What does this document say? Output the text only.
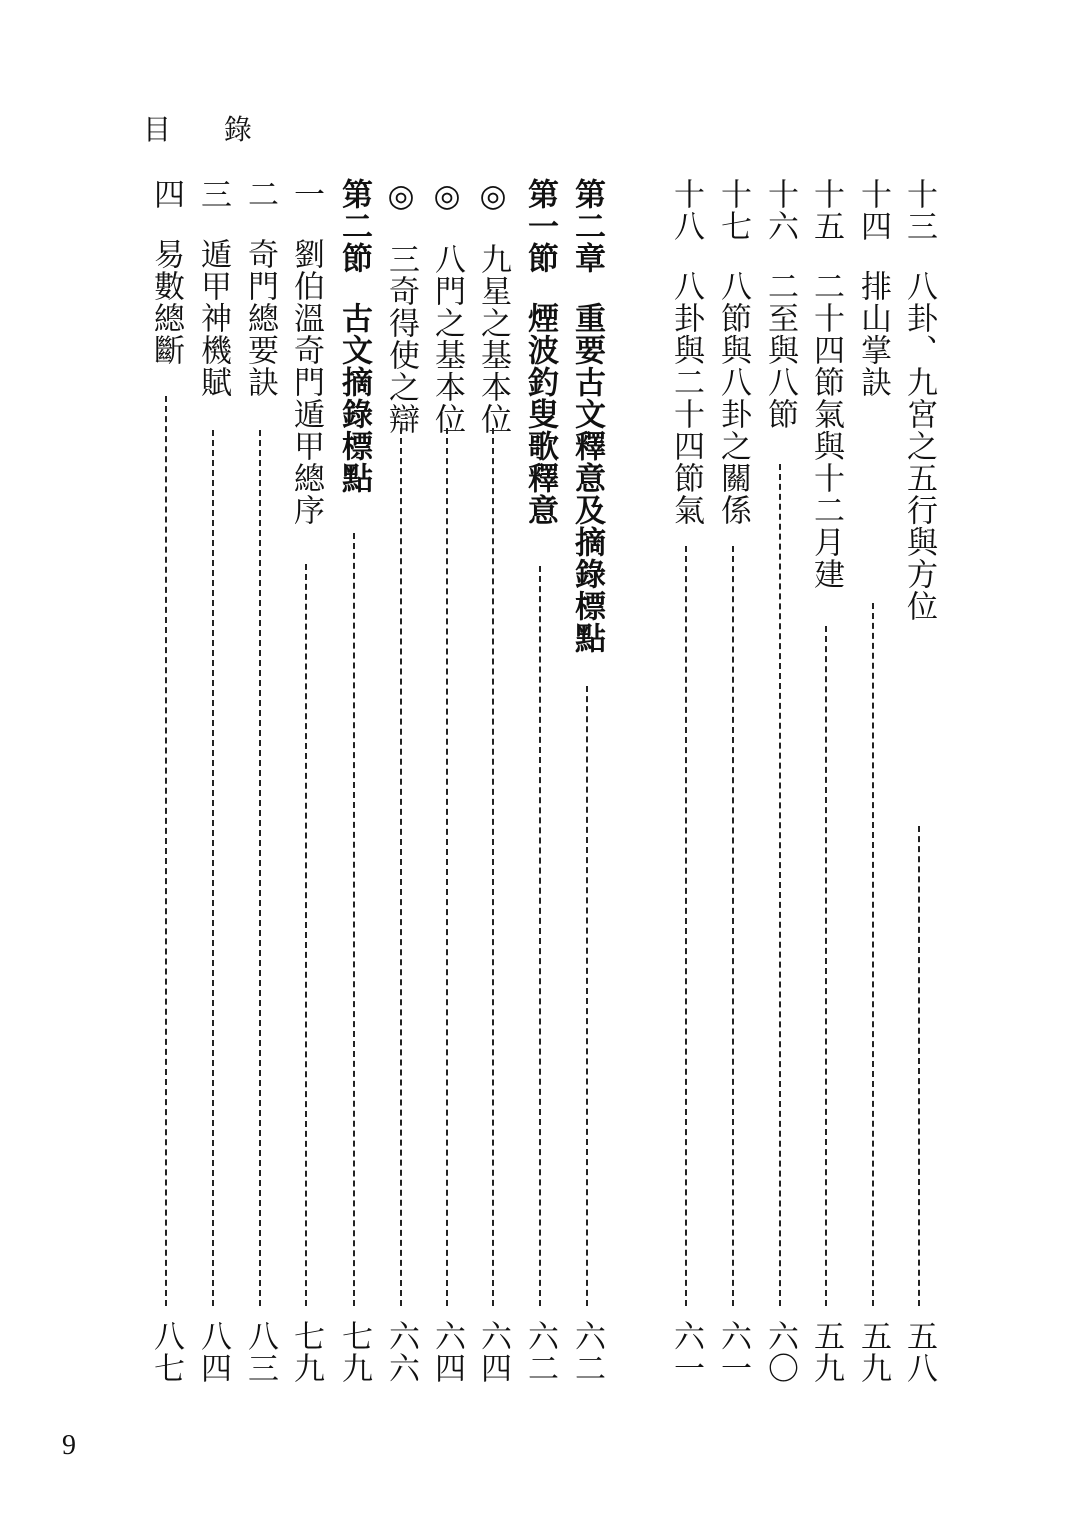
目 錄
十三八卦、九宮之五行與方位
五八
十四排山掌訣
五九
十五二十四節氣與十二月建
五九
十六二至與八節
六〇
十七八節與八卦之關係
六一
十八八卦與二十四節氣
六一
第二章重要古文釋意及摘錄標點
六二
第一節煙波釣叟歌釋意
六二
◎九星之基本位
六四
◎八門之基本位
六四
◎三奇得使之辯
六六
第二節古文摘錄標點
七九
一劉伯溫奇門遁甲總序
七九
二奇門總要訣
八三
三遁甲神機賦
八四
四易數總斷
八七
9
